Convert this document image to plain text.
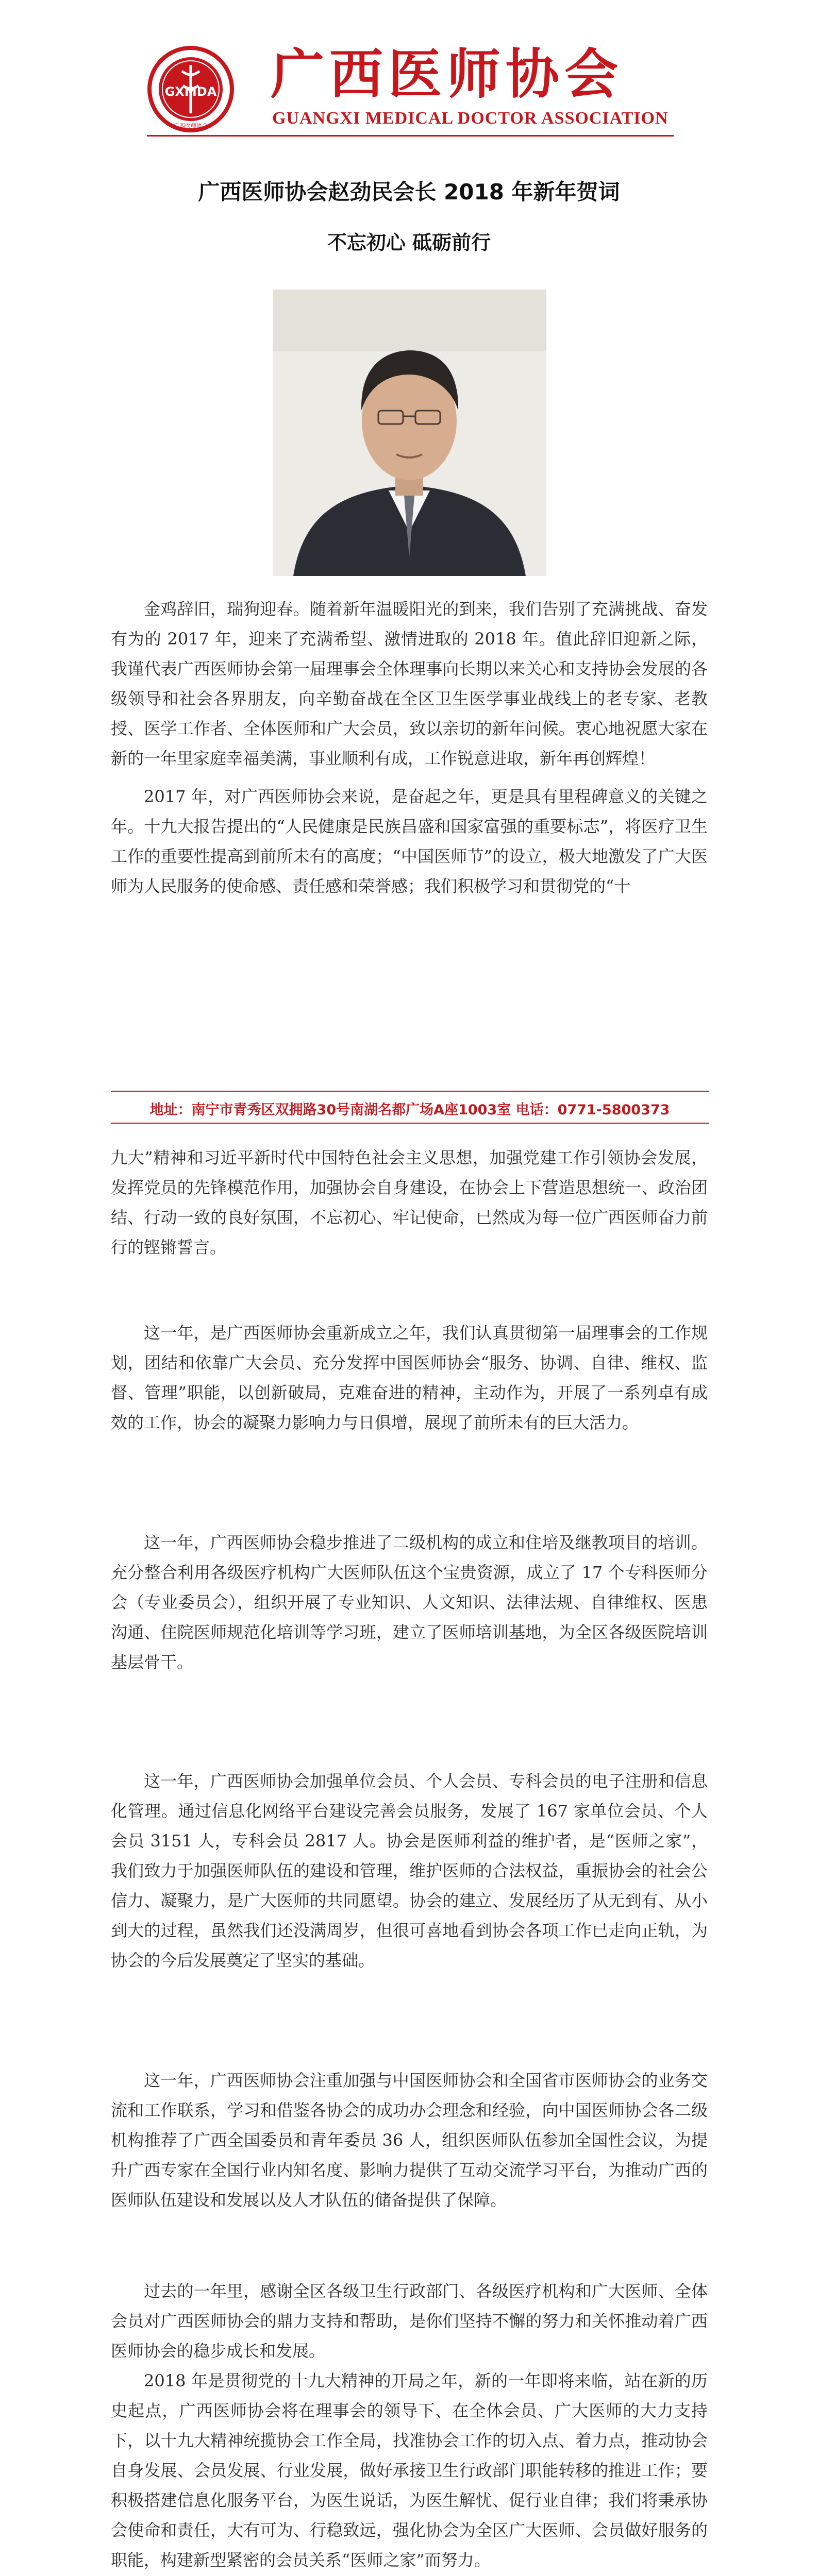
GXMDA
广西医师协会
广西医师协会
GUANGXI MEDICAL DOCTOR ASSOCIATION
广西医师协会赵劲民会长 2018 年新年贺词
不忘初心 砥砺前行

金鸡辞旧，瑞狗迎春。随着新年温暖阳光的到来，我们告别了充满挑战、奋发有为的 2017 年，迎来了充满希望、激情进取的 2018 年。值此辞旧迎新之际，我谨代表广西医师协会第一届理事会全体理事向长期以来关心和支持协会发展的各级领导和社会各界朋友，向辛勤奋战在全区卫生医学事业战线上的老专家、老教授、医学工作者、全体医师和广大会员，致以亲切的新年问候。衷心地祝愿大家在新的一年里家庭幸福美满，事业顺利有成，工作锐意进取，新年再创辉煌！

2017 年，对广西医师协会来说，是奋起之年，更是具有里程碑意义的关键之年。十九大报告提出的“人民健康是民族昌盛和国家富强的重要标志”，将医疗卫生工作的重要性提高到前所未有的高度；“中国医师节”的设立，极大地激发了广大医师为人民服务的使命感、责任感和荣誉感；我们积极学习和贯彻党的“十

地址：南宁市青秀区双拥路30号南湖名都广场A座1003室 电话：0771-5800373

九大”精神和习近平新时代中国特色社会主义思想，加强党建工作引领协会发展，发挥党员的先锋模范作用，加强协会自身建设，在协会上下营造思想统一、政治团结、行动一致的良好氛围，不忘初心、牢记使命，已然成为每一位广西医师奋力前行的铿锵誓言。

这一年，是广西医师协会重新成立之年，我们认真贯彻第一届理事会的工作规划，团结和依靠广大会员、充分发挥中国医师协会“服务、协调、自律、维权、监督、管理”职能，以创新破局，克难奋进的精神，主动作为，开展了一系列卓有成效的工作，协会的凝聚力影响力与日俱增，展现了前所未有的巨大活力。

这一年，广西医师协会稳步推进了二级机构的成立和住培及继教项目的培训。充分整合利用各级医疗机构广大医师队伍这个宝贵资源，成立了 17 个专科医师分会（专业委员会），组织开展了专业知识、人文知识、法律法规、自律维权、医患沟通、住院医师规范化培训等学习班，建立了医师培训基地，为全区各级医院培训基层骨干。

这一年，广西医师协会加强单位会员、个人会员、专科会员的电子注册和信息化管理。通过信息化网络平台建设完善会员服务，发展了 167 家单位会员、个人会员 3151 人，专科会员 2817 人。协会是医师利益的维护者，是“医师之家”，我们致力于加强医师队伍的建设和管理，维护医师的合法权益，重振协会的社会公信力、凝聚力，是广大医师的共同愿望。协会的建立、发展经历了从无到有、从小到大的过程，虽然我们还没满周岁，但很可喜地看到协会各项工作已走向正轨，为协会的今后发展奠定了坚实的基础。

这一年，广西医师协会注重加强与中国医师协会和全国省市医师协会的业务交流和工作联系，学习和借鉴各协会的成功办会理念和经验，向中国医师协会各二级机构推荐了广西全国委员和青年委员 36 人，组织医师队伍参加全国性会议，为提升广西专家在全国行业内知名度、影响力提供了互动交流学习平台，为推动广西的医师队伍建设和发展以及人才队伍的储备提供了保障。

过去的一年里，感谢全区各级卫生行政部门、各级医疗机构和广大医师、全体会员对广西医师协会的鼎力支持和帮助，是你们坚持不懈的努力和关怀推动着广西医师协会的稳步成长和发展。

2018 年是贯彻党的十九大精神的开局之年，新的一年即将来临，站在新的历史起点，广西医师协会将在理事会的领导下、在全体会员、广大医师的大力支持下，以十九大精神统揽协会工作全局，找准协会工作的切入点、着力点，推动协会自身发展、会员发展、行业发展，做好承接卫生行政部门职能转移的推进工作；要积极搭建信息化服务平台，为医生说话，为医生解忧、促行业自律；我们将秉承协会使命和责任，大有可为、行稳致远，强化协会为全区广大医师、会员做好服务的职能，构建新型紧密的会员关系“医师之家”而努力。
